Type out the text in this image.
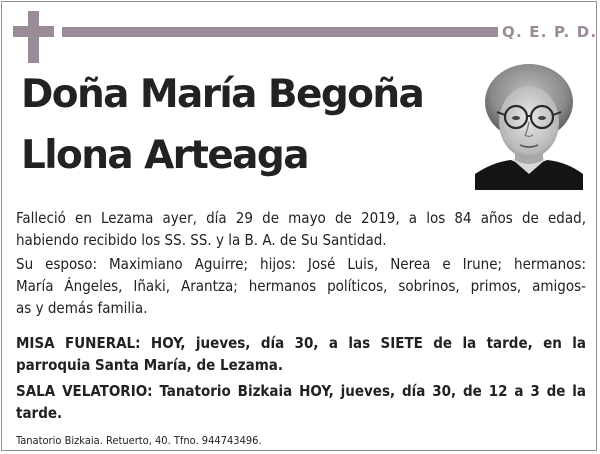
Q. E. P. D.
Doña María Begoña
Llona Arteaga
Falleció en Lezama ayer, día 29 de mayo de 2019, a los 84 años de edad,
habiendo recibido los SS. SS. y la B. A. de Su Santidad.
Su esposo: Maximiano Aguirre; hijos: José Luis, Nerea e Irune; hermanos:
María Ángeles, Iñaki, Arantza; hermanos políticos, sobrinos, primos, amigos-
as y demás familia.
MISA FUNERAL: HOY, jueves, día 30, a las SIETE de la tarde, en la
parroquia Santa María, de Lezama.
SALA VELATORIO: Tanatorio Bizkaia HOY, jueves, día 30, de 12 a 3 de la
tarde.
Tanatorio Bizkaia. Retuerto, 40. Tfno. 944743496.
